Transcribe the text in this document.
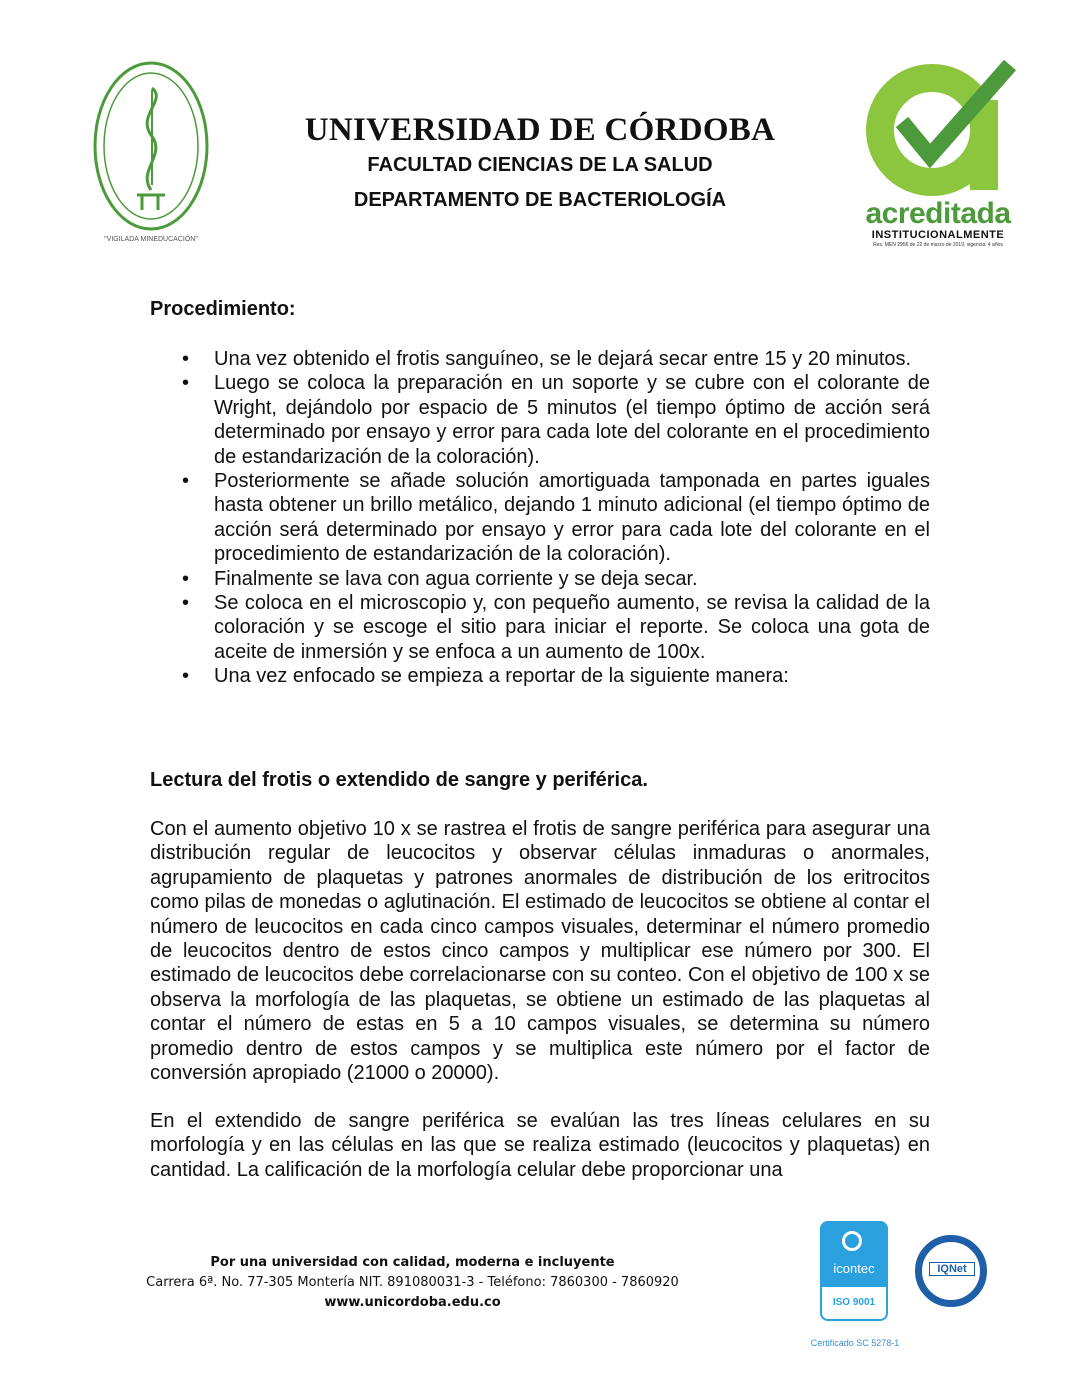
"VIGILADA MINEDUCACIÓN"
UNIVERSIDAD DE CÓRDOBA
FACULTAD CIENCIAS DE LA SALUD
DEPARTAMENTO DE BACTERIOLOGÍA	acreditada
INSTITUCIONALMENTE
Res. MEN 2956 de 22 de marzo de 2019, vigencia: 4 años
Procedimiento:
• Una vez obtenido el frotis sanguíneo, se le dejará secar entre 15 y 20 minutos.
• Luego se coloca la preparación en un soporte y se cubre con el colorante de Wright, dejándolo por espacio de 5 minutos (el tiempo óptimo de acción será determinado por ensayo y error para cada lote del colorante en el procedimiento de estandarización de la coloración).
• Posteriormente se añade solución amortiguada tamponada en partes iguales hasta obtener un brillo metálico, dejando 1 minuto adicional (el tiempo óptimo de acción será determinado por ensayo y error para cada lote del colorante en el procedimiento de estandarización de la coloración).
• Finalmente se lava con agua corriente y se deja secar.
• Se coloca en el microscopio y, con pequeño aumento, se revisa la calidad de la coloración y se escoge el sitio para iniciar el reporte. Se coloca una gota de aceite de inmersión y se enfoca a un aumento de 100x.
• Una vez enfocado se empieza a reportar de la siguiente manera:
Lectura del frotis o extendido de sangre y periférica.

Con el aumento objetivo 10 x se rastrea el frotis de sangre periférica para asegurar una distribución regular de leucocitos y observar células inmaduras o anormales, agrupamiento de plaquetas y patrones anormales de distribución de los eritrocitos como pilas de monedas o aglutinación. El estimado de leucocitos se obtiene al contar el número de leucocitos en cada cinco campos visuales, determinar el número promedio de leucocitos dentro de estos cinco campos y multiplicar ese número por 300. El estimado de leucocitos debe correlacionarse con su conteo. Con el objetivo de 100 x se observa la morfología de las plaquetas, se obtiene un estimado de las plaquetas al contar el número de estas en 5 a 10 campos visuales, se determina su número promedio dentro de estos campos y se multiplica este número por el factor de conversión apropiado (21000 o 20000).

En el extendido de sangre periférica se evalúan las tres líneas celulares en su morfología y en las células en las que se realiza estimado (leucocitos y plaquetas) en cantidad. La calificación de la morfología celular debe proporcionar una

Por una universidad con calidad, moderna e incluyente
Carrera 6ª. No. 77-305 Montería NIT. 891080031-3 - Teléfono: 7860300 - 7860920
www.unicordoba.edu.co
icontec
ISO 9001
IQNet
Certificado SC 5278-1
